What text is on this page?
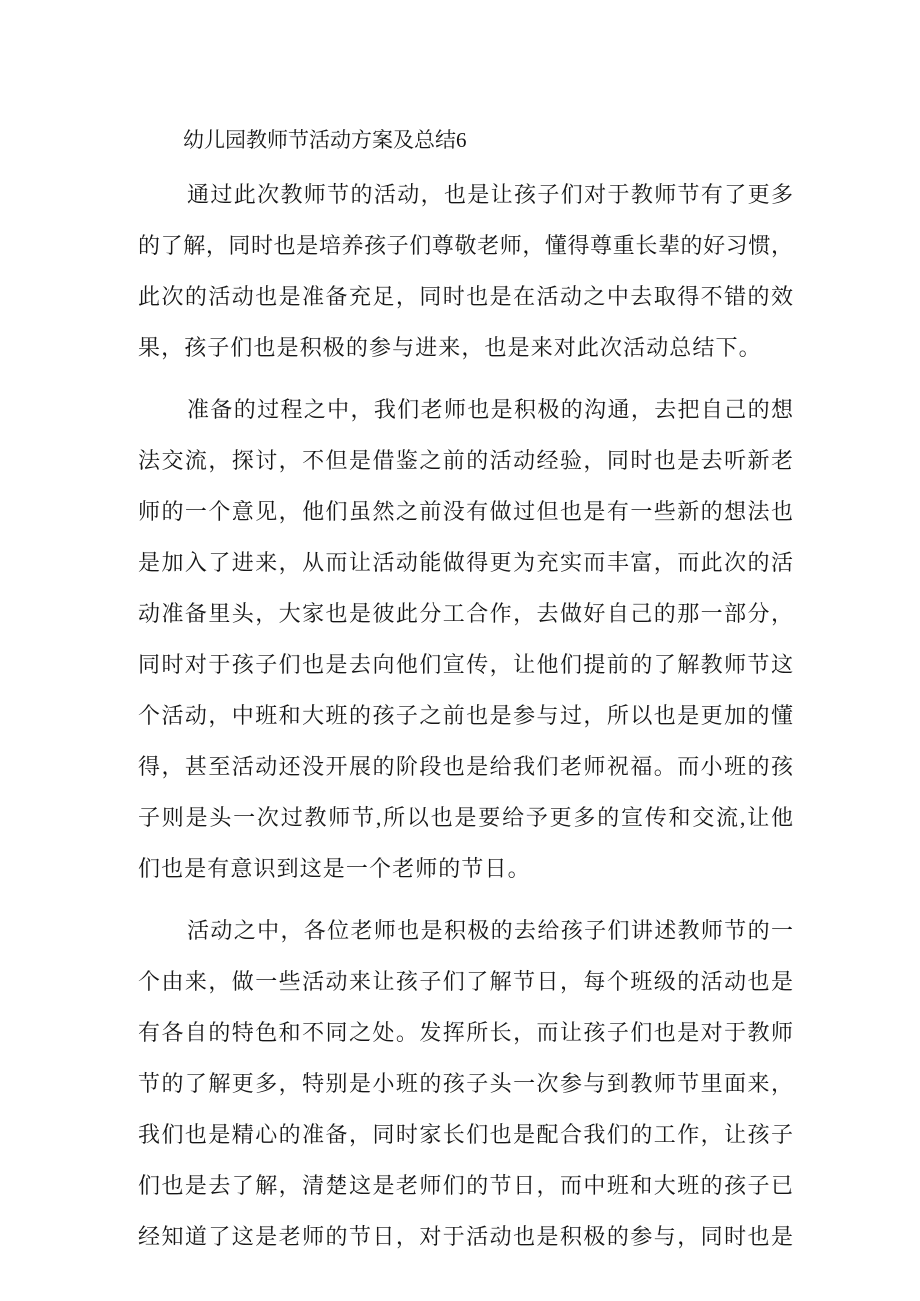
幼儿园教师节活动方案及总结6
通过此次教师节的活动，也是让孩子们对于教师节有了更多
的了解，同时也是培养孩子们尊敬老师，懂得尊重长辈的好习惯，
此次的活动也是准备充足，同时也是在活动之中去取得不错的效
果，孩子们也是积极的参与进来，也是来对此次活动总结下。
准备的过程之中，我们老师也是积极的沟通，去把自己的想
法交流，探讨，不但是借鉴之前的活动经验，同时也是去听新老
师的一个意见，他们虽然之前没有做过但也是有一些新的想法也
是加入了进来，从而让活动能做得更为充实而丰富，而此次的活
动准备里头，大家也是彼此分工合作，去做好自己的那一部分，
同时对于孩子们也是去向他们宣传，让他们提前的了解教师节这
个活动，中班和大班的孩子之前也是参与过，所以也是更加的懂
得，甚至活动还没开展的阶段也是给我们老师祝福。而小班的孩
子则是头一次过教师节,所以也是要给予更多的宣传和交流,让他
们也是有意识到这是一个老师的节日。
活动之中，各位老师也是积极的去给孩子们讲述教师节的一
个由来，做一些活动来让孩子们了解节日，每个班级的活动也是
有各自的特色和不同之处。发挥所长，而让孩子们也是对于教师
节的了解更多，特别是小班的孩子头一次参与到教师节里面来，
我们也是精心的准备，同时家长们也是配合我们的工作，让孩子
们也是去了解，清楚这是老师们的节日，而中班和大班的孩子已
经知道了这是老师的节日，对于活动也是积极的参与，同时也是
